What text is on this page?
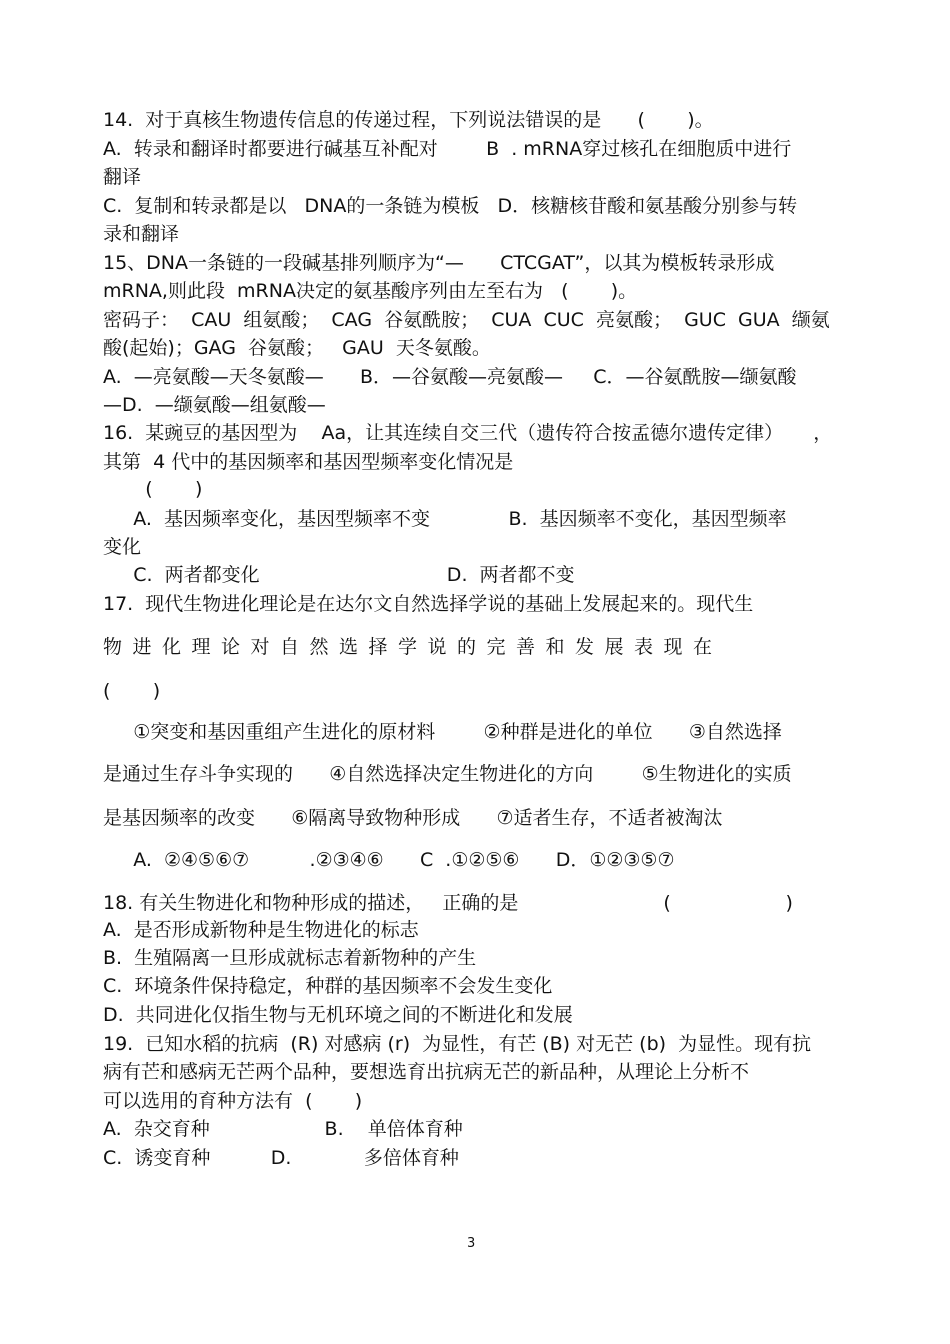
14.  对于真核生物遗传信息的传递过程，下列说法错误的是      (       )。
A.  转录和翻译时都要进行碱基互补配对        B  . mRNA穿过核孔在细胞质中进行
翻译
C.  复制和转录都是以   DNA的一条链为模板   D．核糖核苷酸和氨基酸分别参与转
录和翻译
15、DNA一条链的一段碱基排列顺序为“—      CTCGAT”，以其为模板转录形成
mRNA,则此段  mRNA决定的氨基酸序列由左至右为   (       )。
密码子：  CAU  组氨酸；  CAG  谷氨酰胺；  CUA  CUC  亮氨酸；  GUC  GUA  缬氨
酸(起始)；GAG  谷氨酸；   GAU  天冬氨酸。
A.  —亮氨酸—天冬氨酸—      B．—谷氨酸—亮氨酸—     C．—谷氨酰胺—缬氨酸
—D.  —缬氨酸—组氨酸—
16.  某豌豆的基因型为    Aa，让其连续自交三代（遗传符合按孟德尔遗传定律）     ，
其第  4 代中的基因频率和基因型频率变化情况是
(       )
A.  基因频率变化，基因型频率不变             B.  基因频率不变化，基因型频率
变化
C.  两者都变化                               D.  两者都不变
17.  现代生物进化理论是在达尔文自然选择学说的基础上发展起来的。现代生
物进化理论对自然选择学说的完善和发展表现在
(       )
①突变和基因重组产生进化的原材料        ②种群是进化的单位      ③自然选择
是通过生存斗争实现的      ④自然选择决定生物进化的方向        ⑤生物进化的实质
是基因频率的改变      ⑥隔离导致物种形成      ⑦适者生存，不适者被淘汰
A.  ②④⑤⑥⑦          .②③④⑥      C  .①②⑤⑥      D．①②③⑤⑦
18. 有关生物进化和物种形成的描述，   正确的是                        (                   )
A.  是否形成新物种是生物进化的标志
B.  生殖隔离一旦形成就标志着新物种的产生
C.  环境条件保持稳定，种群的基因频率不会发生变化
D.  共同进化仅指生物与无机环境之间的不断进化和发展
19.  已知水稻的抗病  (R) 对感病 (r)  为显性，有芒 (B) 对无芒 (b)  为显性。现有抗
病有芒和感病无芒两个品种，要想选育出抗病无芒的新品种，从理论上分析不
可以选用的育种方法有  (       )
A.  杂交育种                   B.    单倍体育种
C.  诱变育种          D.            多倍体育种
3
